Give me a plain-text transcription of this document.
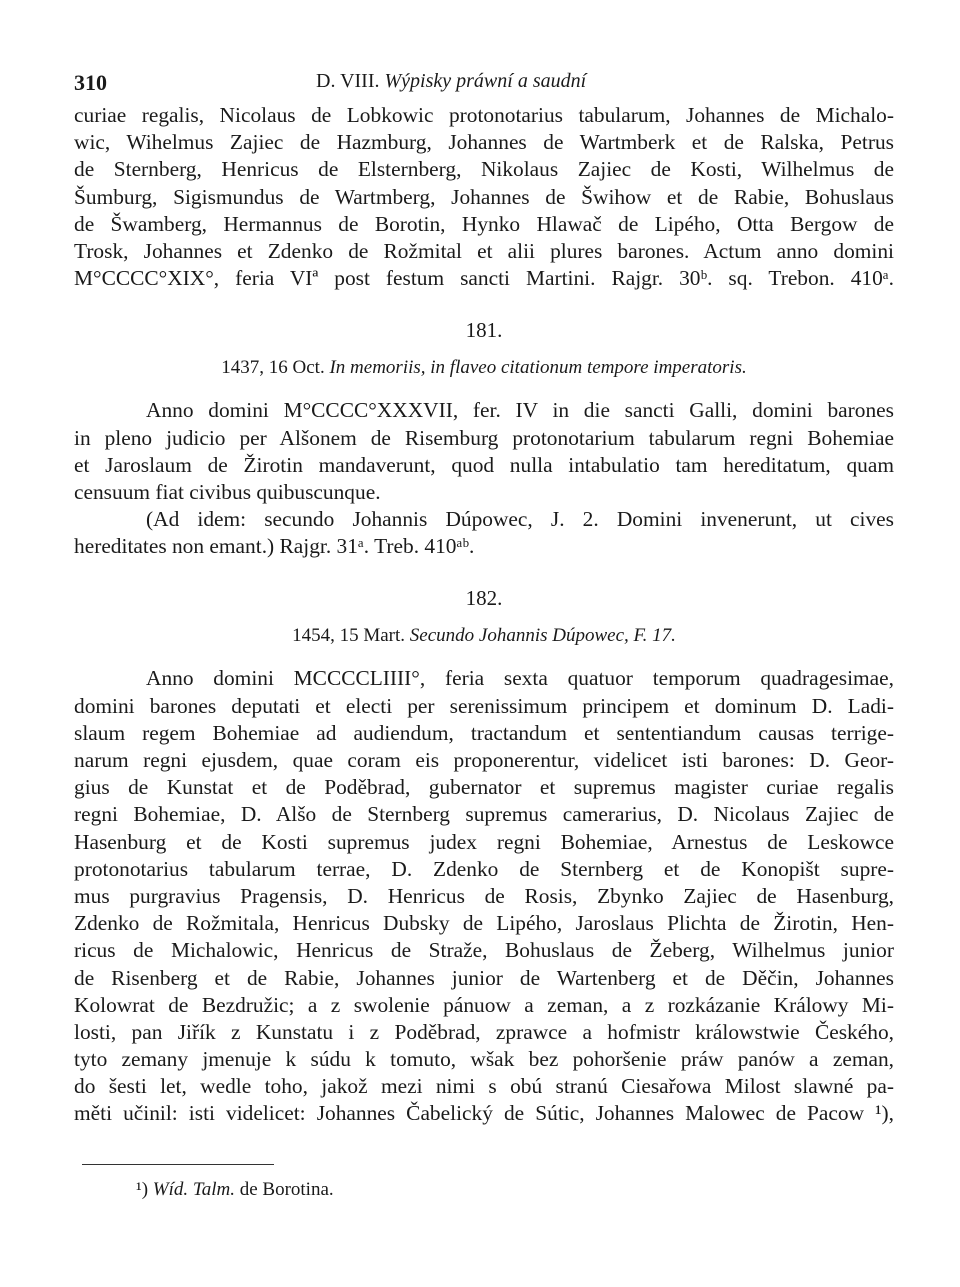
310	D. VIII. Wýpisky práwní a saudní
curiae regalis, Nicolaus de Lobkowic protonotarius tabularum, Johannes de Michalo-
wic, Wihelmus Zajiec de Hazmburg, Johannes de Wartmberk et de Ralska, Petrus
de Sternberg, Henricus de Elsternberg, Nikolaus Zajiec de Kosti, Wilhelmus de
Šumburg, Sigismundus de Wartmberg, Johannes de Šwihow et de Rabie, Bohuslaus
de Šwamberg, Hermannus de Borotin, Hynko Hlawač de Lipého, Otta Bergow de
Trosk, Johannes et Zdenko de Rožmital et alii plures barones. Actum anno domini
M°CCCC°XIX°, feria VIª post festum sancti Martini. Rajgr. 30ᵇ. sq. Trebon. 410ᵃ.
181.
1437, 16 Oct. In memoriis, in flaveo citationum tempore imperatoris.
Anno domini M°CCCC°XXXVII, fer. IV in die sancti Galli, domini barones
in pleno judicio per Alšonem de Risemburg protonotarium tabularum regni Bohemiae
et Jaroslaum de Žirotin mandaverunt, quod nulla intabulatio tam hereditatum, quam
censuum fiat civibus quibuscunque.
(Ad idem: secundo Johannis Dúpowec, J. 2. Domini invenerunt, ut cives
hereditates non emant.) Rajgr. 31ᵃ. Treb. 410ᵃᵇ.
182.
1454, 15 Mart. Secundo Johannis Dúpowec, F. 17.
Anno domini MCCCCLIIII°, feria sexta quatuor temporum quadragesimae,
domini barones deputati et electi per serenissimum principem et dominum D. Ladi-
slaum regem Bohemiae ad audiendum, tractandum et sententiandum causas terrige-
narum regni ejusdem, quae coram eis proponerentur, videlicet isti barones: D. Geor-
gius de Kunstat et de Poděbrad, gubernator et supremus magister curiae regalis
regni Bohemiae, D. Alšo de Sternberg supremus camerarius, D. Nicolaus Zajiec de
Hasenburg et de Kosti supremus judex regni Bohemiae, Arnestus de Leskowce
protonotarius tabularum terrae, D. Zdenko de Sternberg et de Konopišt supre-
mus purgravius Pragensis, D. Henricus de Rosis, Zbynko Zajiec de Hasenburg,
Zdenko de Rožmitala, Henricus Dubsky de Lipého, Jaroslaus Plichta de Žirotin, Hen-
ricus de Michalowic, Henricus de Straže, Bohuslaus de Žeberg, Wilhelmus junior
de Risenberg et de Rabie, Johannes junior de Wartenberg et de Děčin, Johannes
Kolowrat de Bezdružic; a z swolenie pánuow a zeman, a z rozkázanie Králowy Mi-
losti, pan Jiřík z Kunstatu i z Poděbrad, zprawce a hofmistr králowstwie Českého,
tyto zemany jmenuje k súdu k tomuto, wšak bez pohoršenie práw panów a zeman,
do šesti let, wedle toho, jakož mezi nimi s obú stranú Ciesařowa Milost slawné pa-
měti učinil: isti videlicet: Johannes Čabelický de Sútic, Johannes Malowec de Pacow ¹),
¹) Wíd. Talm. de Borotina.
